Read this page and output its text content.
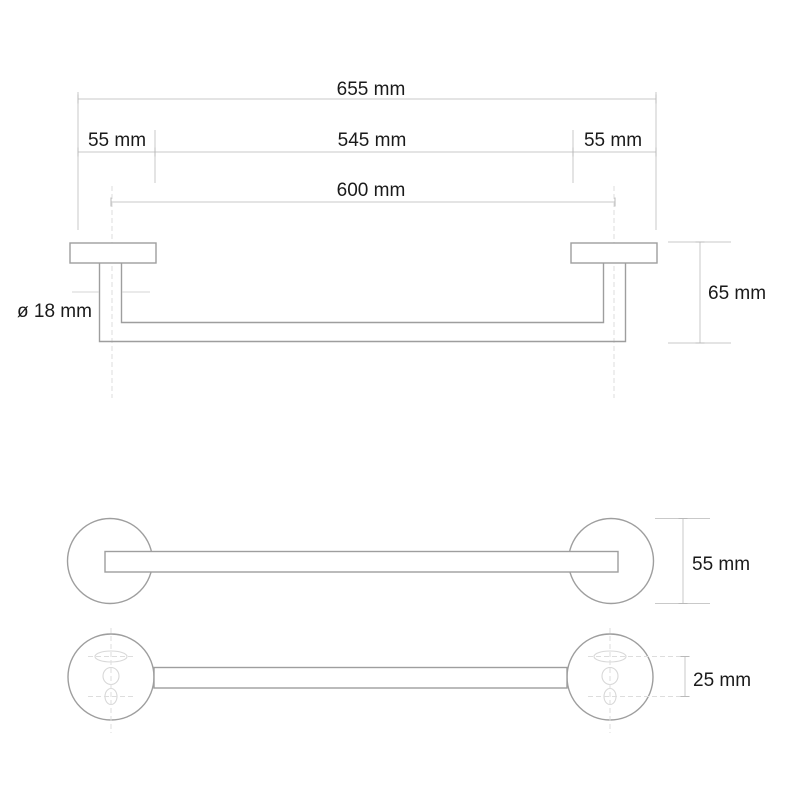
655 mm
55 mm	545 mm	55 mm
600 mm
ø 18 mm
65 mm
55 mm
25 mm
